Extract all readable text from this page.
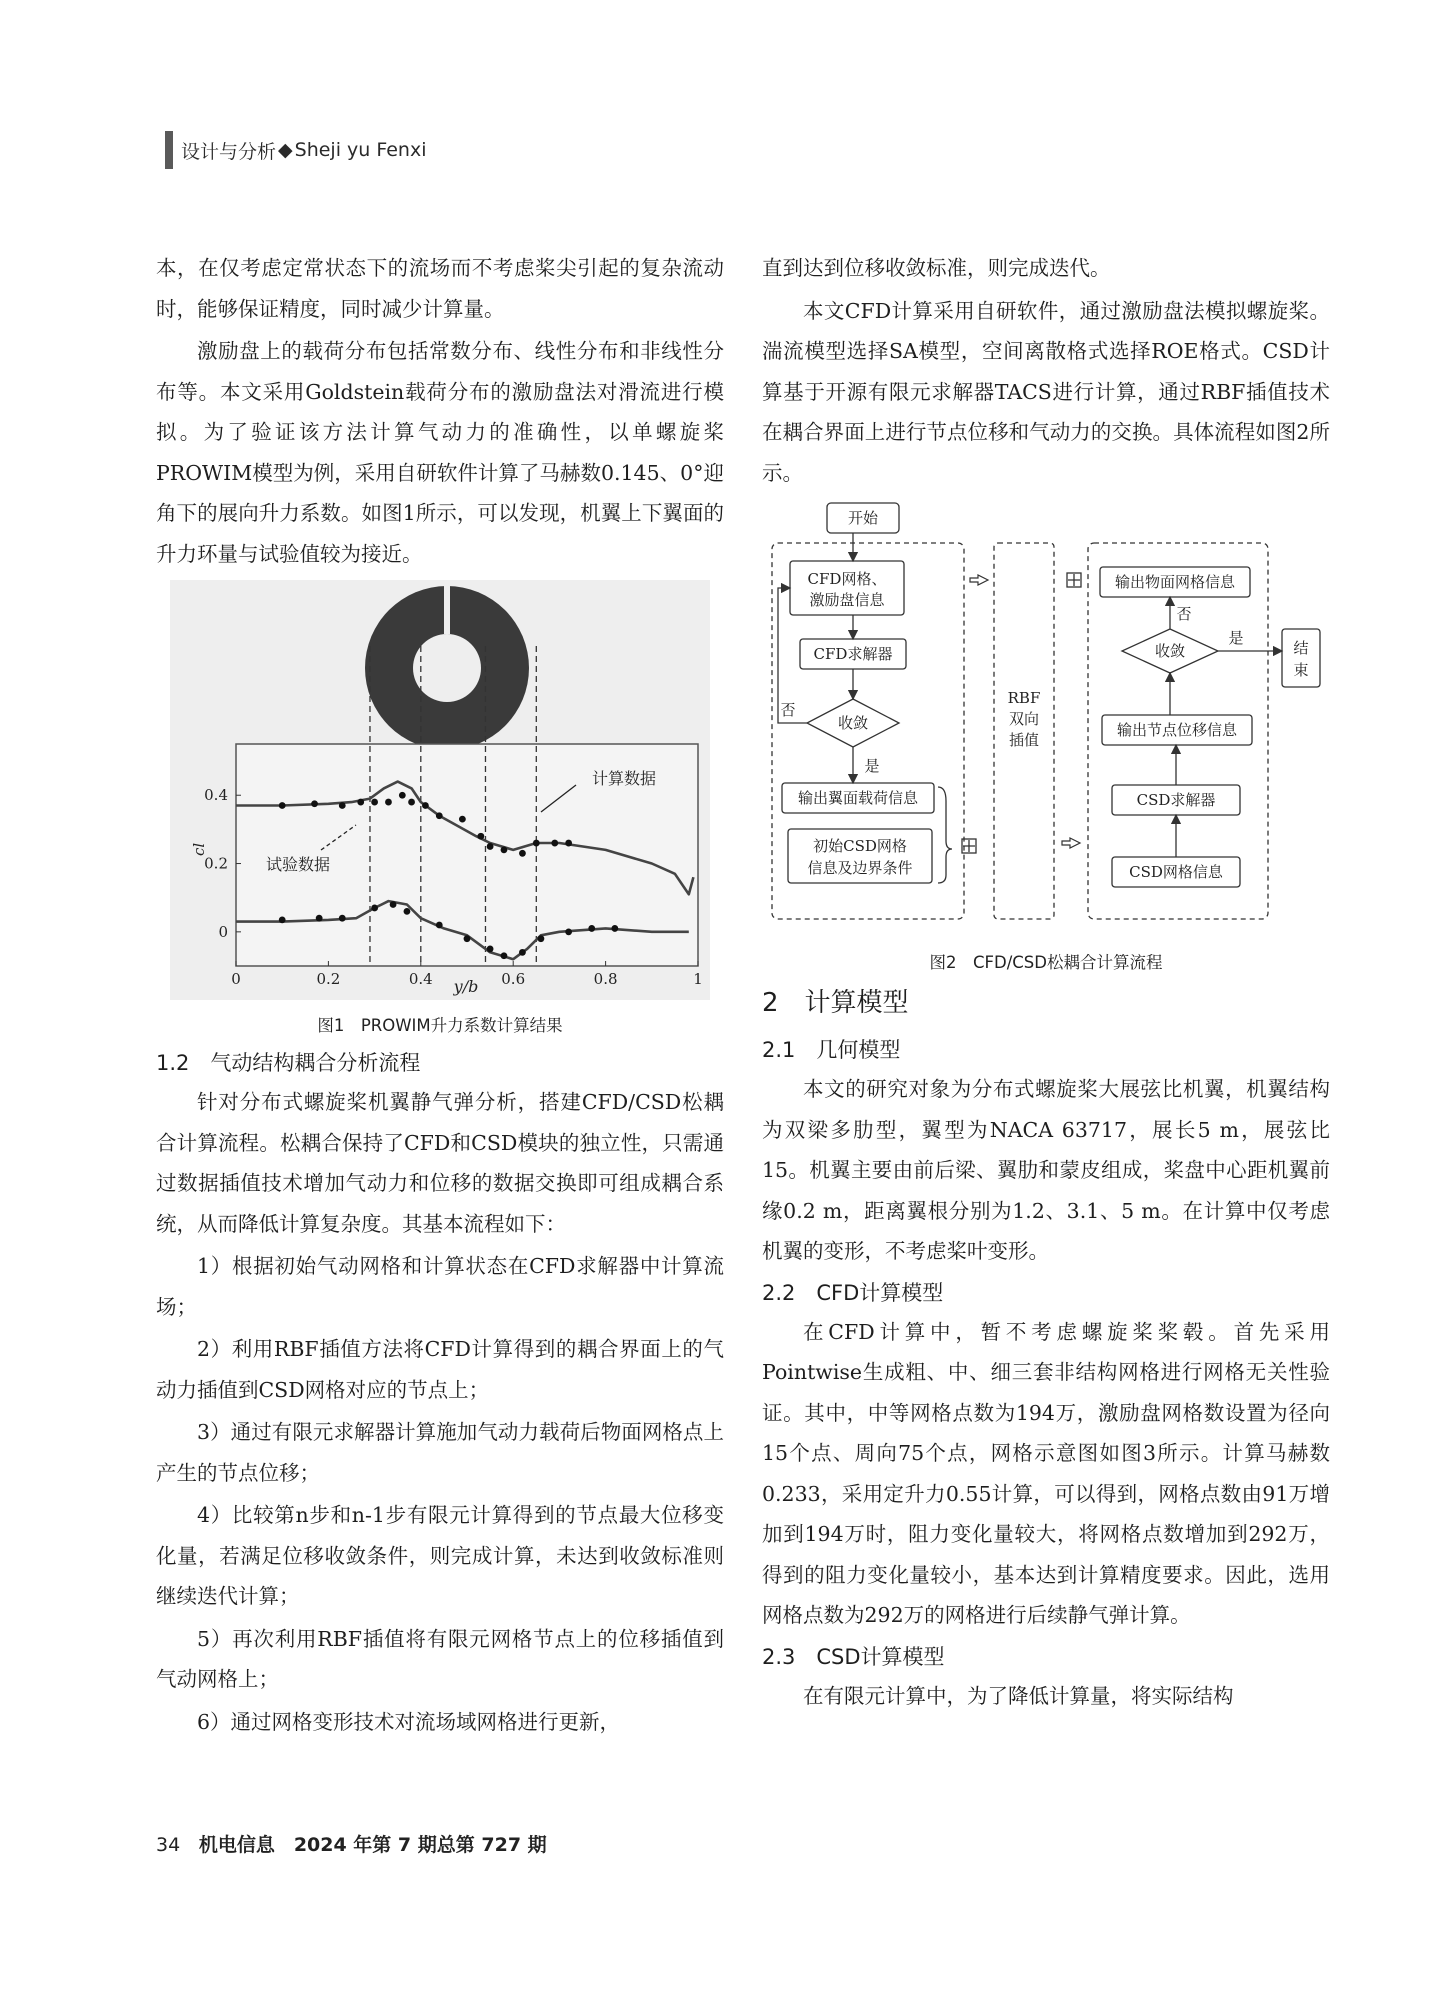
设计与分析 ◆ Sheji yu Fenxi

本，在仅考虑定常状态下的流场而不考虑桨尖引起的复杂流动时，能够保证精度，同时减少计算量。

激励盘上的载荷分布包括常数分布、线性分布和非线性分布等。本文采用Goldstein载荷分布的激励盘法对滑流进行模拟。为了验证该方法计算气动力的准确性，以单螺旋桨PROWIM模型为例，采用自研软件计算了马赫数0.145、0°迎角下的展向升力系数。如图1所示，可以发现，机翼上下翼面的升力环量与试验值较为接近。

0	0.2	0.4	0.6	0.8	1
0.4
0.2
0
计算数据
试验数据
cl
y/b
图1　PROWIM升力系数计算结果
1.2　气动结构耦合分析流程

针对分布式螺旋桨机翼静气弹分析，搭建CFD/CSD松耦合计算流程。松耦合保持了CFD和CSD模块的独立性，只需通过数据插值技术增加气动力和位移的数据交换即可组成耦合系统，从而降低计算复杂度。其基本流程如下：

1）根据初始气动网格和计算状态在CFD求解器中计算流场；

2）利用RBF插值方法将CFD计算得到的耦合界面上的气动力插值到CSD网格对应的节点上；

3）通过有限元求解器计算施加气动力载荷后物面网格点上产生的节点位移；

4）比较第n步和n-1步有限元计算得到的节点最大位移变化量，若满足位移收敛条件，则完成计算，未达到收敛标准则继续迭代计算；

5）再次利用RBF插值将有限元网格节点上的位移插值到气动网格上；

6）通过网格变形技术对流场域网格进行更新，

直到达到位移收敛标准，则完成迭代。

本文CFD计算采用自研软件，通过激励盘法模拟螺旋桨。湍流模型选择SA模型，空间离散格式选择ROE格式。CSD计算基于开源有限元求解器TACS进行计算，通过RBF插值技术在耦合界面上进行节点位移和气动力的交换。具体流程如图2所示。

开始
CFD网格、
激励盘信息
CFD求解器
收敛
否
是
输出翼面载荷信息
初始CSD网格
信息及边界条件
RBF
双向
插值
输出物面网格信息
否
收敛
是
输出节点位移信息
CSD求解器
CSD网格信息
结
束
图2　CFD/CSD松耦合计算流程
2　计算模型
2.1　几何模型

本文的研究对象为分布式螺旋桨大展弦比机翼，机翼结构为双梁多肋型，翼型为NACA 63717，展长5 m，展弦比15。机翼主要由前后梁、翼肋和蒙皮组成，桨盘中心距机翼前缘0.2 m，距离翼根分别为1.2、3.1、5 m。在计算中仅考虑机翼的变形，不考虑桨叶变形。

2.2　CFD计算模型

在CFD计算中，暂不考虑螺旋桨桨毂。首先采用Pointwise生成粗、中、细三套非结构网格进行网格无关性验证。其中，中等网格点数为194万，激励盘网格数设置为径向15个点、周向75个点，网格示意图如图3所示。计算马赫数0.233，采用定升力0.55计算，可以得到，网格点数由91万增加到194万时，阻力变化量较大，将网格点数增加到292万，得到的阻力变化量较小，基本达到计算精度要求。因此，选用网格点数为292万的网格进行后续静气弹计算。

2.3　CSD计算模型

在有限元计算中，为了降低计算量，将实际结构

34 机电信息　2024 年第 7 期总第 727 期
